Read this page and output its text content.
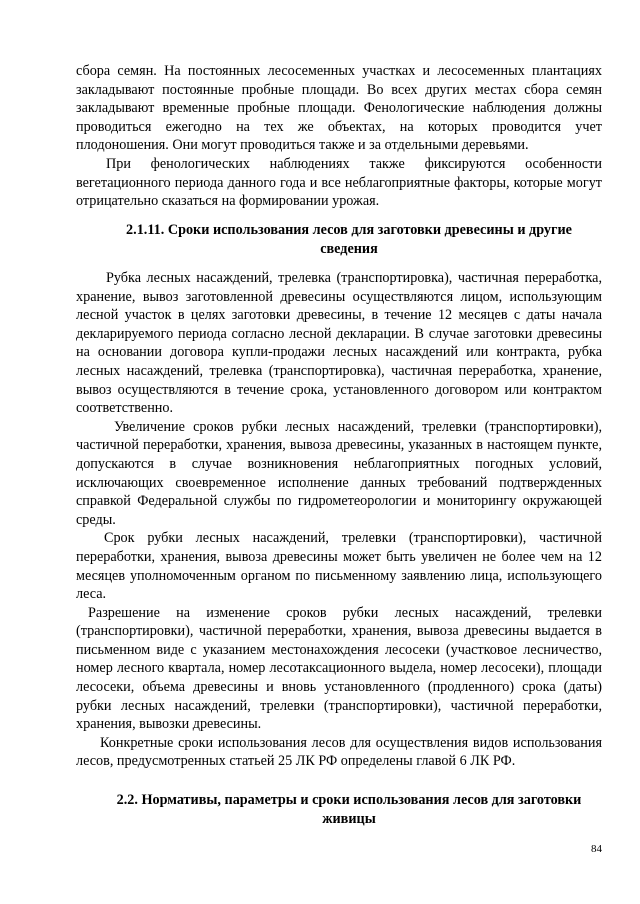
сбора семян. На постоянных лесосеменных участках и лесосеменных плантациях закладывают постоянные пробные площади. Во всех других местах сбора семян закладывают временные пробные площади. Фенологические наблюдения должны проводиться ежегодно на тех же объектах, на которых проводится учет плодоношения. Они могут проводиться также и за отдельными деревьями.

При фенологических наблюдениях также фиксируются особенности вегетационного периода данного года и все неблагоприятные факторы, которые могут отрицательно сказаться на формировании урожая.

2.1.11. Сроки использования лесов для заготовки древесины и другие сведения

Рубка лесных насаждений, трелевка (транспортировка), частичная переработка, хранение, вывоз заготовленной древесины осуществляются лицом, использующим лесной участок в целях заготовки древесины, в течение 12 месяцев с даты начала декларируемого периода согласно лесной декларации. В случае заготовки древесины на основании договора купли-продажи лесных насаждений или контракта, рубка лесных насаждений, трелевка (транспортировка), частичная переработка, хранение, вывоз осуществляются в течение срока, установленного договором или контрактом соответственно.

Увеличение сроков рубки лесных насаждений, трелевки (транспортировки), частичной переработки, хранения, вывоза древесины, указанных в настоящем пункте, допускаются в случае возникновения неблагоприятных погодных условий, исключающих своевременное исполнение данных требований подтвержденных справкой Федеральной службы по гидрометеорологии и мониторингу окружающей среды.

Срок рубки лесных насаждений, трелевки (транспортировки), частичной переработки, хранения, вывоза древесины может быть увеличен не более чем на 12 месяцев уполномоченным органом по письменному заявлению лица, использующего леса.

Разрешение на изменение сроков рубки лесных насаждений, трелевки (транспортировки), частичной переработки, хранения, вывоза древесины выдается в письменном виде с указанием местонахождения лесосеки (участковое лесничество, номер лесного квартала, номер лесотаксационного выдела, номер лесосеки), площади лесосеки, объема древесины и вновь установленного (продленного) срока (даты) рубки лесных насаждений, трелевки (транспортировки), частичной переработки, хранения, вывозки древесины.

Конкретные сроки использования лесов для осуществления видов использования лесов, предусмотренных статьей 25 ЛК РФ определены главой 6 ЛК РФ.

2.2. Нормативы, параметры и сроки использования лесов для заготовки живицы
84
